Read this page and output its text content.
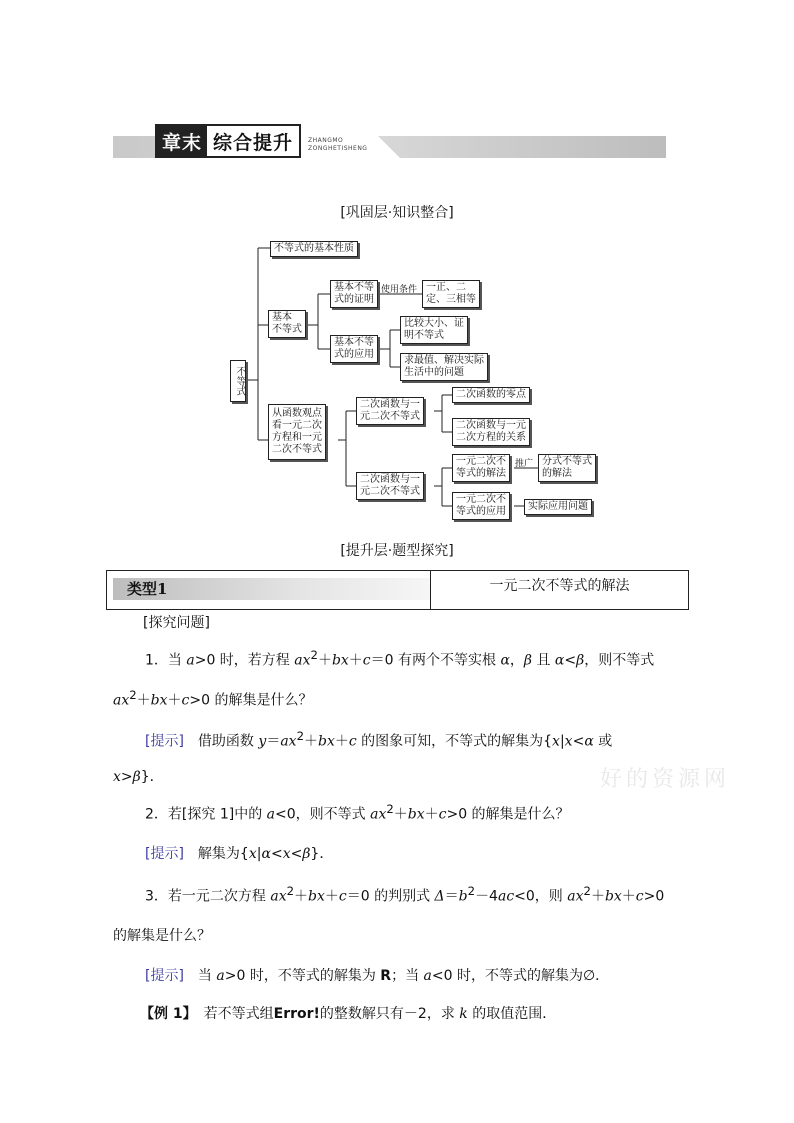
章末 综合提升	ZHANGMO
ZONGHETISHENG
[巩固层·知识整合]
不等式
不等式的基本性质
基本
不等式
基本不等
式的证明
使用条件 一正、二
定、三相等
基本不等
式的应用
比较大小、证
明不等式
求最值、解决实际
生活中的问题
从函数观点
看一元二次
方程和一元
二次不等式
二次函数与一
元二次不等式
二次函数的零点
二次函数与一元
二次方程的关系
二次函数与一
元二次不等式
一元二次不
等式的解法
推广 分式不等式
的解法
一元二次不
等式的应用	实际应用问题
[提升层·题型探究]
类型1	一元二次不等式的解法
[探究问题]
1．当 a>0 时，若方程 $ax^2+bx+c=0$ 有两个不等实根 α，β 且 α<β，则不等式
$ax^2+bx+c>0$ 的解集是什么？
[提示]　借助函数 $y=ax^2+bx+c$ 的图象可知，不等式的解集为{x|x<α 或
x>β}．	好的资源网
2．若[探究 1]中的 a<0，则不等式 $ax^2+bx+c>0$ 的解集是什么？
[提示]　解集为{x|α<x<β}．
3．若一元二次方程 $ax^2+bx+c=0$ 的判别式 $\Delta=b^2-4ac<0$，则 $ax^2+bx+c>0$
的解集是什么？
[提示]　当 a>0 时，不等式的解集为 R；当 a<0 时，不等式的解集为∅．
【例 1】　若不等式组Error!的整数解只有－2，求 k 的取值范围．
